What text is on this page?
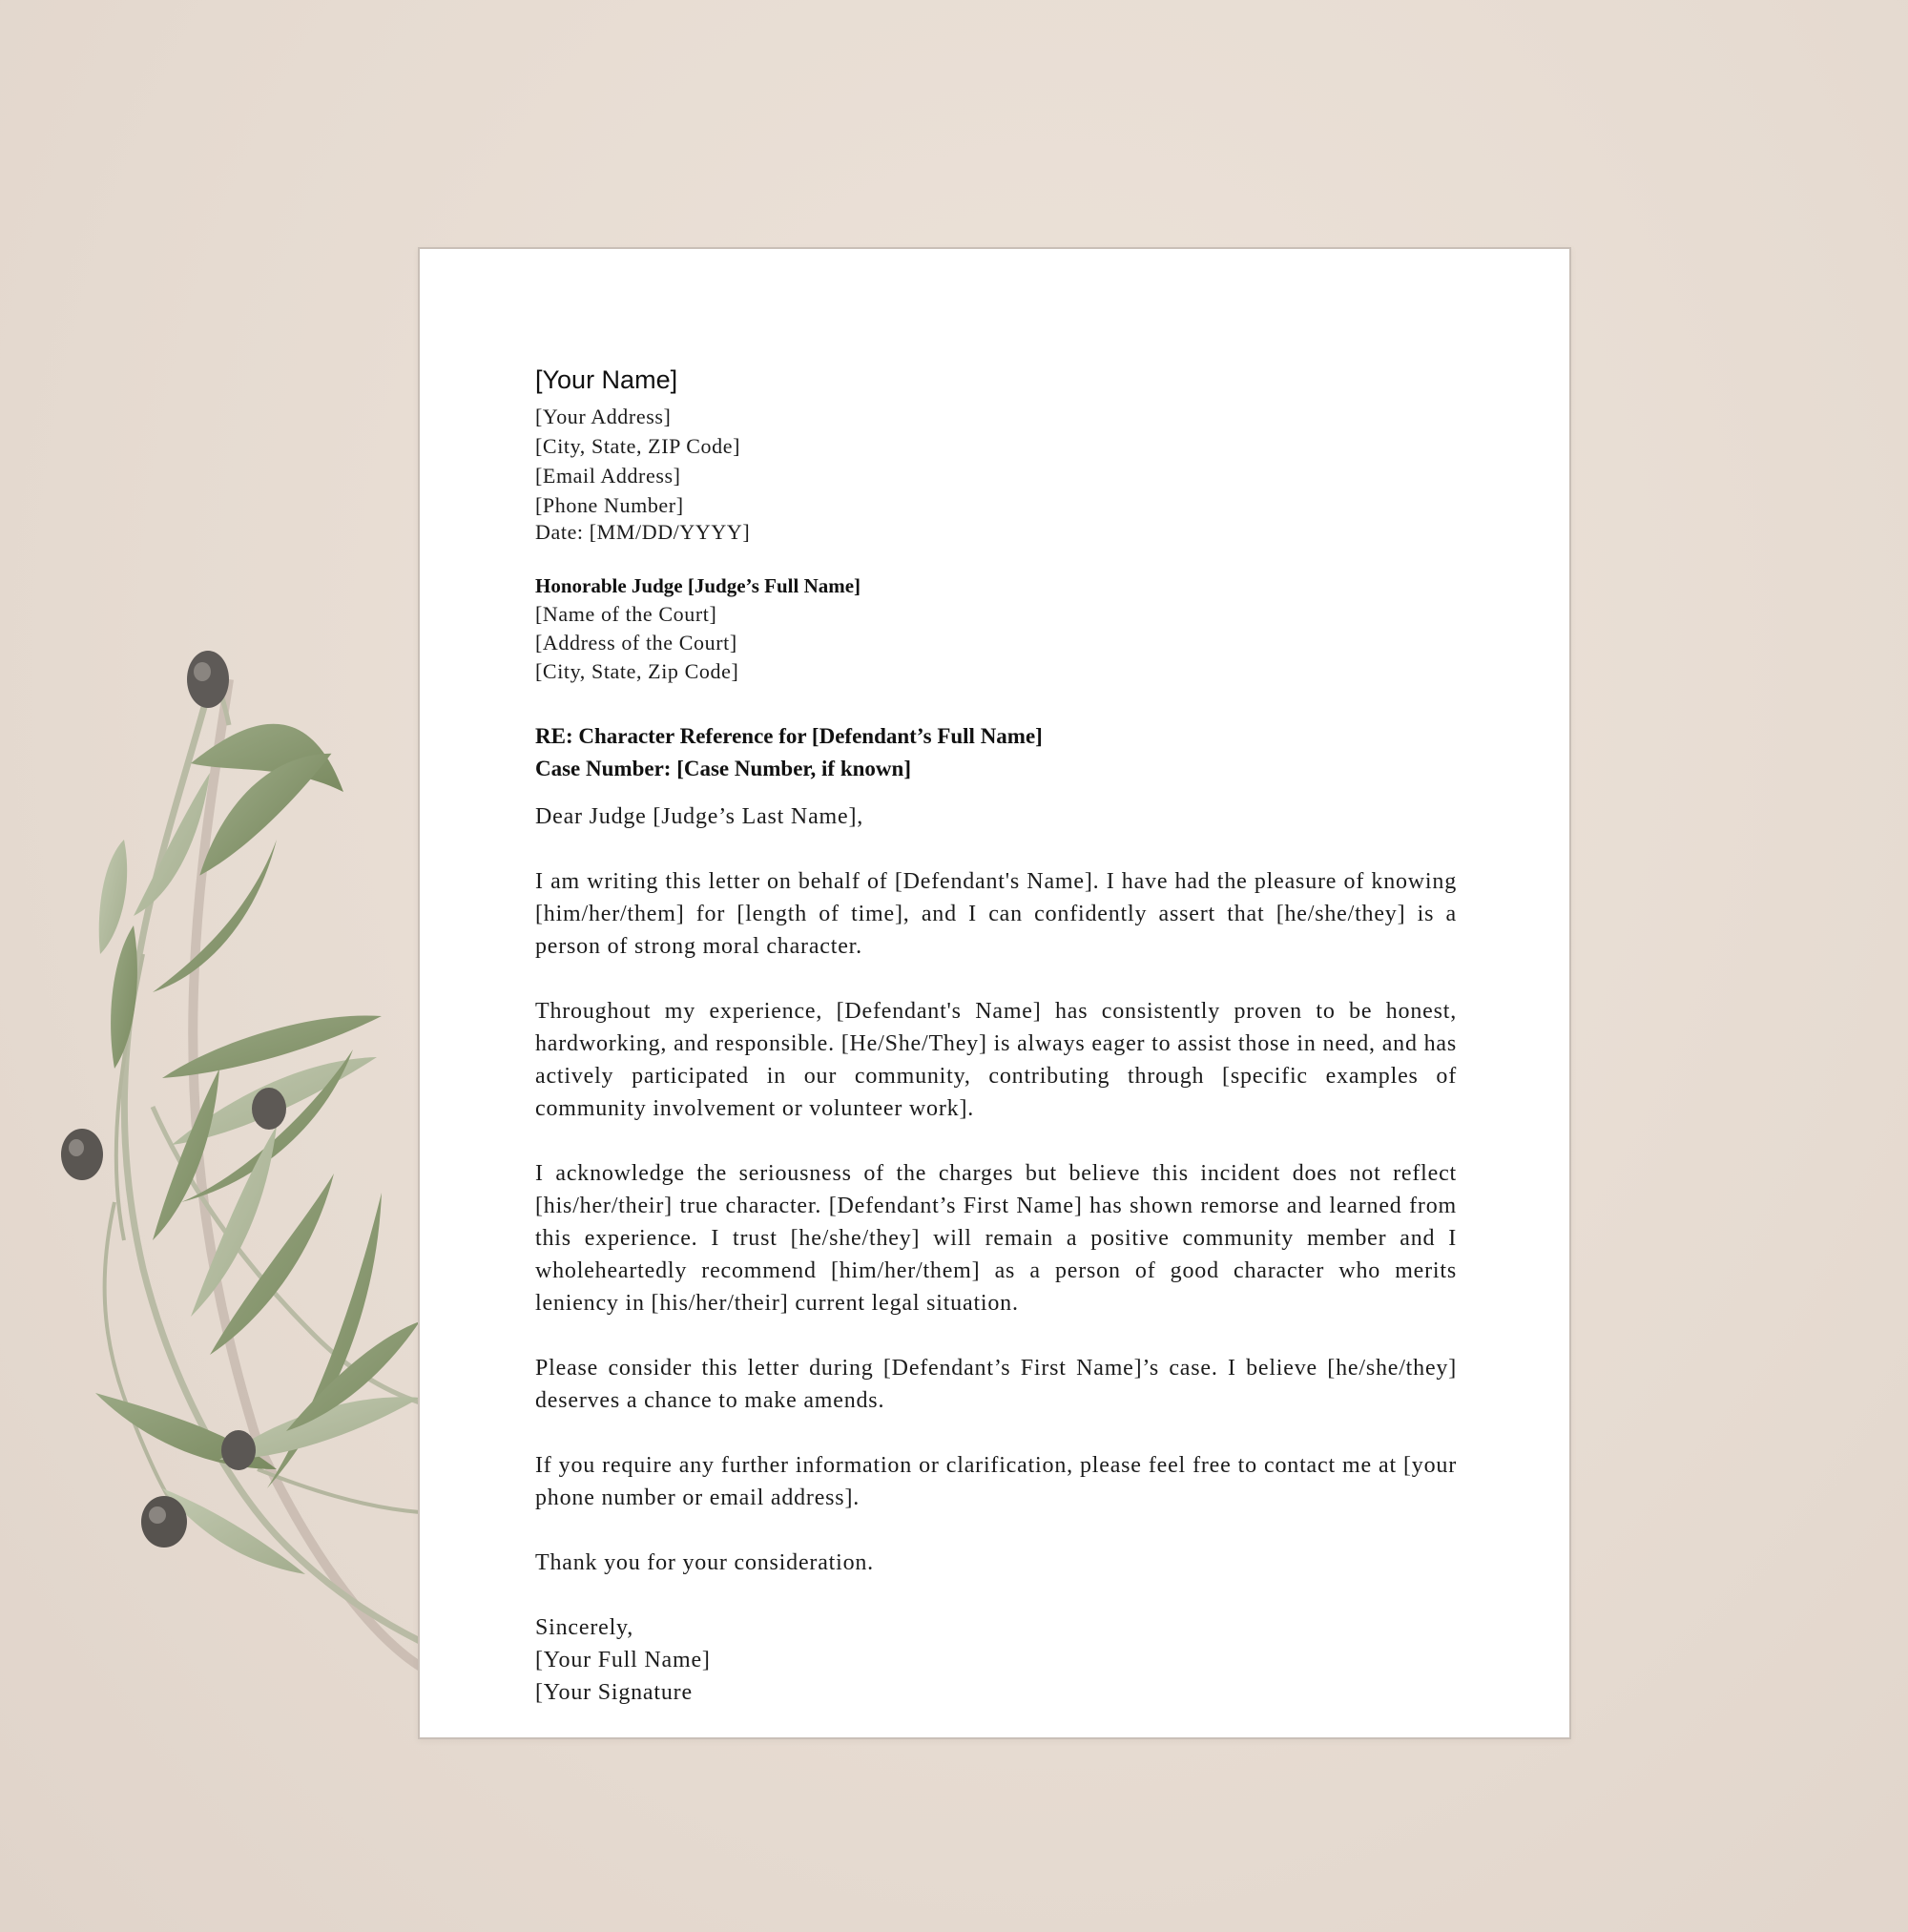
[Your Name]
[Your Address]
[City, State, ZIP Code]
[Email Address]
[Phone Number]
Date: [MM/DD/YYYY]
Honorable Judge [Judge’s Full Name]
[Name of the Court]
[Address of the Court]
[City, State, Zip Code]
RE: Character Reference for [Defendant’s Full Name]
Case Number: [Case Number, if known]
Dear Judge [Judge’s Last Name],

I am writing this letter on behalf of [Defendant's Name]. I have had the pleasure of knowing [him/her/them] for [length of time], and I can confidently assert that [he/she/they] is a person of strong moral character.

Throughout my experience, [Defendant's Name] has consistently proven to be honest, hardworking, and responsible. [He/She/They] is always eager to assist those in need, and has actively participated in our community, contributing through [specific examples of community involvement or volunteer work].

I acknowledge the seriousness of the charges but believe this incident does not reflect [his/her/their] true character. [Defendant’s First Name] has shown remorse and learned from this experience. I trust [he/she/they] will remain a positive community member and I wholeheartedly recommend [him/her/them] as a person of good character who merits leniency in [his/her/their] current legal situation.

Please consider this letter during [Defendant’s First Name]’s case. I believe [he/she/they] deserves a chance to make amends.

If you require any further information or clarification, please feel free to contact me at [your phone number or email address].

Thank you for your consideration.

Sincerely,
[Your Full Name]
[Your Signature
